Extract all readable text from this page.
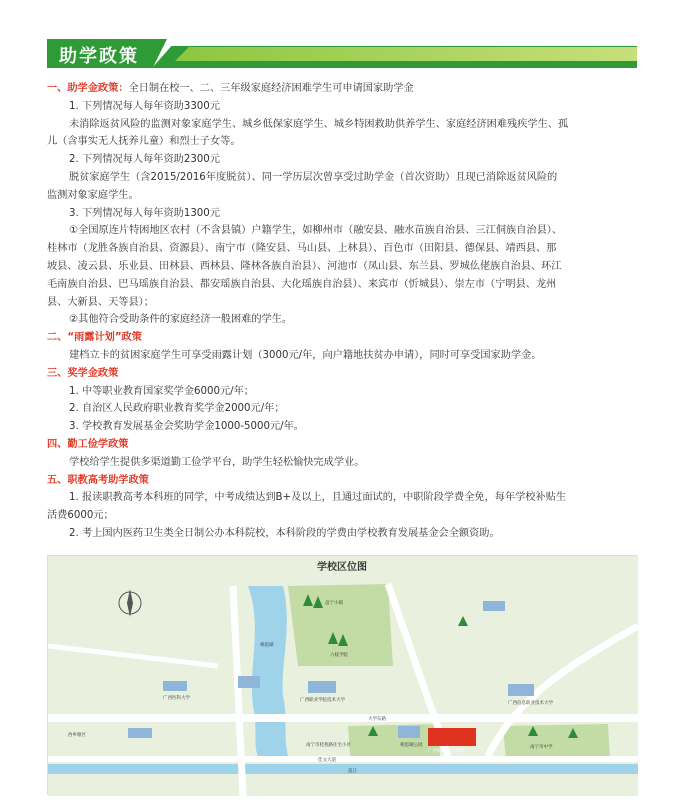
助学政策
一、助学金政策：全日制在校一、二、三年级家庭经济困难学生可申请国家助学金
1. 下列情况每人每年资助3300元
未消除返贫风险的监测对象家庭学生、城乡低保家庭学生、城乡特困救助供养学生、家庭经济困难残疾学生、孤
儿（含事实无人抚养儿童）和烈士子女等。
2. 下列情况每人每年资助2300元
脱贫家庭学生（含2015/2016年度脱贫）、同一学历层次曾享受过助学金（首次资助）且现已消除返贫风险的
监测对象家庭学生。
3. 下列情况每人每年资助1300元
①全国原连片特困地区农村（不含县镇）户籍学生，如柳州市（融安县、融水苗族自治县、三江侗族自治县）、
桂林市（龙胜各族自治县、资源县）、南宁市（隆安县、马山县、上林县）、百色市（田阳县、德保县、靖西县、那
坡县、凌云县、乐业县、田林县、西林县、隆林各族自治县）、河池市（凤山县、东兰县、罗城仫佬族自治县、环江
毛南族自治县、巴马瑶族自治县、都安瑶族自治县、大化瑶族自治县）、来宾市（忻城县）、崇左市（宁明县、龙州
县、大新县、天等县）；
②其他符合受助条件的家庭经济一般困难的学生。
二、“雨露计划”政策
建档立卡的贫困家庭学生可享受雨露计划（3000元/年，向户籍地扶贫办申请），同时可享受国家助学金。
三、奖学金政策
1. 中等职业教育国家奖学金6000元/年；
2. 自治区人民政府职业教育奖学金2000元/年；
3. 学校教育发展基金会奖助学金1000-5000元/年。
四、勤工俭学政策
学校给学生提供多渠道勤工俭学平台，助学生轻松愉快完成学业。
五、职教高考助学政策
1. 报读职教高考本科班的同学，中考成绩达到B+及以上，且通过面试的，中职阶段学费全免，每年学校补贴生
活费6000元；
2. 考上国内医药卫生类全日制公办本科院校，本科阶段的学费由学校教育发展基金会全额资助。
邕宁小镇
六枝学院
广西职业学院技术大学
广西医科大学
南宁市桂苑路住宅小区	相思湖公园
广西财经技工学校
广西信息职业技术大学
南宁市中学
大学东路
佳文大道
邕江
相思湖
西乡塘区
学校区位图
